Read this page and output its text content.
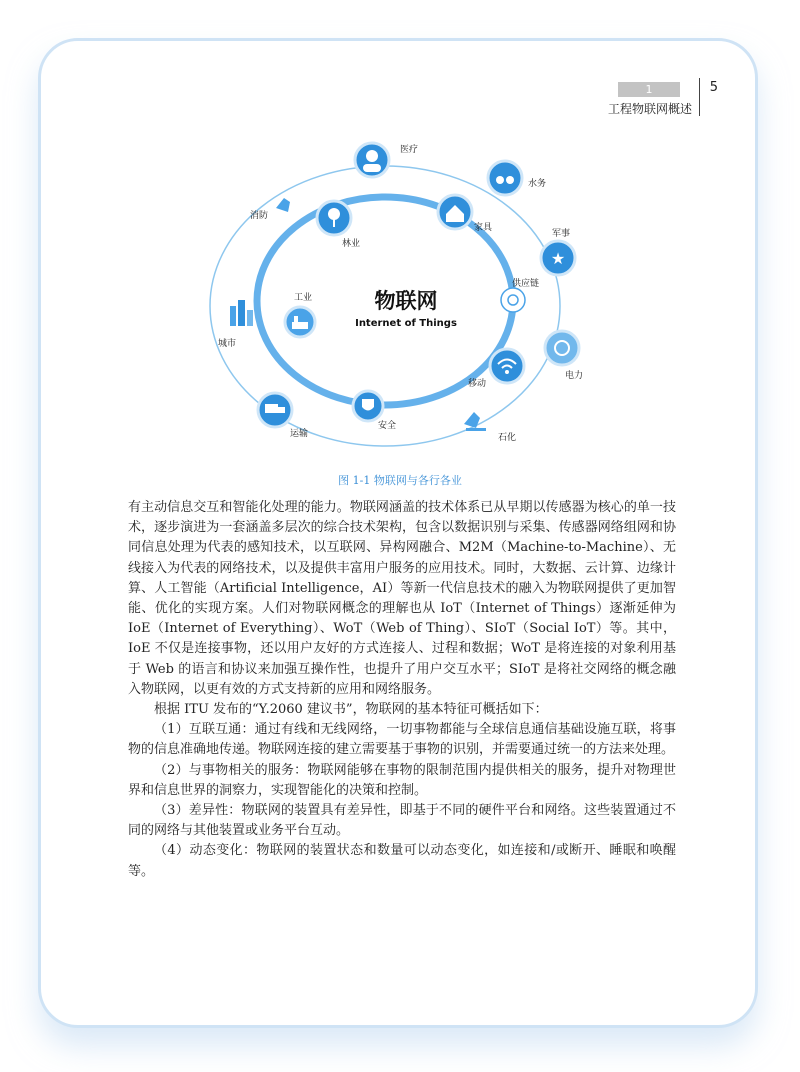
1	5
工程物联网概述
物联网
Internet of Things
医疗
水务
★
军事
电力
石化
运输
城市
消防
家具
供应链
移动
安全
工业
林业
图 1-1 物联网与各行各业

有主动信息交互和智能化处理的能力。物联网涵盖的技术体系已从早期以传感器为核心的单一技术，逐步演进为一套涵盖多层次的综合技术架构，包含以数据识别与采集、传感器网络组网和协同信息处理为代表的感知技术，以互联网、异构网融合、M2M（Machine-to-Machine）、无线接入为代表的网络技术，以及提供丰富用户服务的应用技术。同时，大数据、云计算、边缘计算、人工智能（Artificial Intelligence，AI）等新一代信息技术的融入为物联网提供了更加智能、优化的实现方案。人们对物联网概念的理解也从 IoT（Internet of Things）逐渐延伸为 IoE（Internet of Everything）、WoT（Web of Thing）、SIoT（Social IoT）等。其中，IoE 不仅是连接事物，还以用户友好的方式连接人、过程和数据；WoT 是将连接的对象利用基于 Web 的语言和协议来加强互操作性，也提升了用户交互水平；SIoT 是将社交网络的概念融入物联网，以更有效的方式支持新的应用和网络服务。

根据 ITU 发布的“Y.2060 建议书”，物联网的基本特征可概括如下：

（1）互联互通：通过有线和无线网络，一切事物都能与全球信息通信基础设施互联，将事物的信息准确地传递。物联网连接的建立需要基于事物的识别，并需要通过统一的方法来处理。

（2）与事物相关的服务：物联网能够在事物的限制范围内提供相关的服务，提升对物理世界和信息世界的洞察力，实现智能化的决策和控制。

（3）差异性：物联网的装置具有差异性，即基于不同的硬件平台和网络。这些装置通过不同的网络与其他装置或业务平台互动。

（4）动态变化：物联网的装置状态和数量可以动态变化，如连接和/或断开、睡眠和唤醒等。
